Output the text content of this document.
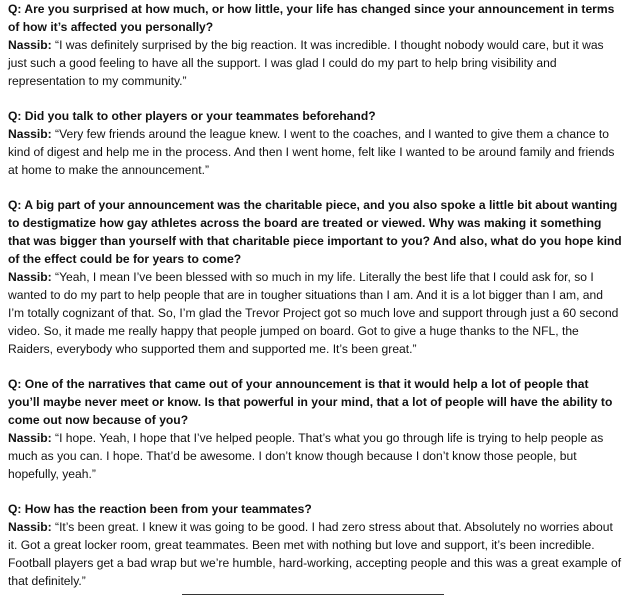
Q: Are you surprised at how much, or how little, your life has changed since your announcement in terms of how it’s affected you personally?

Nassib: “I was definitely surprised by the big reaction. It was incredible. I thought nobody would care, but it was just such a good feeling to have all the support. I was glad I could do my part to help bring visibility and representation to my community.”

Q: Did you talk to other players or your teammates beforehand?

Nassib: “Very few friends around the league knew. I went to the coaches, and I wanted to give them a chance to kind of digest and help me in the process. And then I went home, felt like I wanted to be around family and friends at home to make the announcement.”

Q: A big part of your announcement was the charitable piece, and you also spoke a little bit about wanting to destigmatize how gay athletes across the board are treated or viewed. Why was making it something that was bigger than yourself with that charitable piece important to you? And also, what do you hope kind of the effect could be for years to come?

Nassib: “Yeah, I mean I’ve been blessed with so much in my life. Literally the best life that I could ask for, so I wanted to do my part to help people that are in tougher situations than I am. And it is a lot bigger than I am, and I’m totally cognizant of that. So, I’m glad the Trevor Project got so much love and support through just a 60 second video. So, it made me really happy that people jumped on board. Got to give a huge thanks to the NFL, the Raiders, everybody who supported them and supported me. It’s been great.”

Q: One of the narratives that came out of your announcement is that it would help a lot of people that you’ll maybe never meet or know. Is that powerful in your mind, that a lot of people will have the ability to come out now because of you?

Nassib: “I hope. Yeah, I hope that I’ve helped people. That’s what you go through life is trying to help people as much as you can. I hope. That’d be awesome. I don’t know though because I don’t know those people, but hopefully, yeah.”

Q: How has the reaction been from your teammates?

Nassib: “It’s been great. I knew it was going to be good. I had zero stress about that. Absolutely no worries about it. Got a great locker room, great teammates. Been met with nothing but love and support, it’s been incredible. Football players get a bad wrap but we’re humble, hard-working, accepting people and this was a great example of that definitely.”
